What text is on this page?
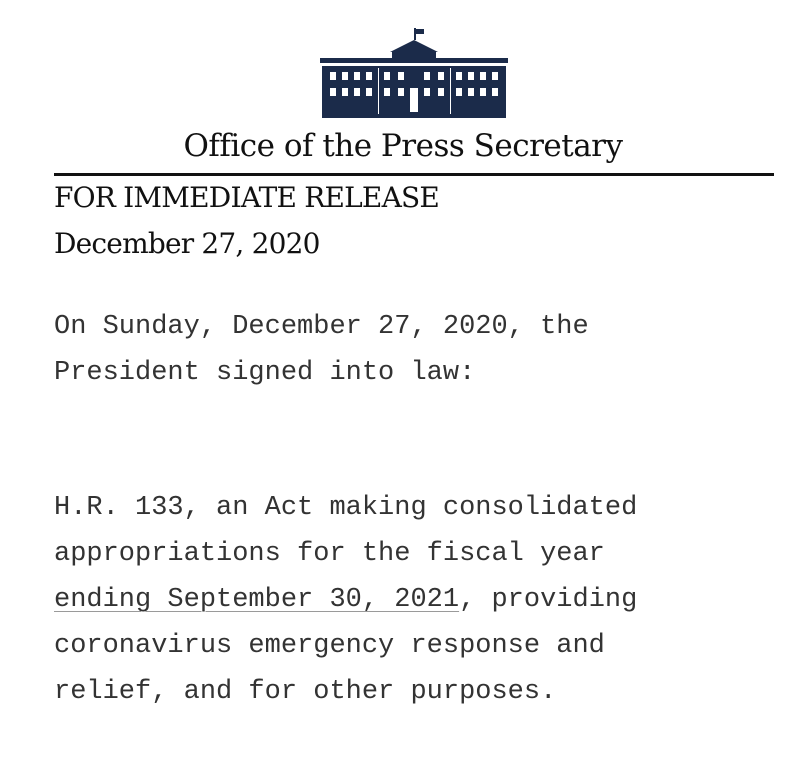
Office of the Press Secretary
FOR IMMEDIATE RELEASE
December 27, 2020
On Sunday, December 27, 2020, the
President signed into law:
H.R. 133, an Act making consolidated
appropriations for the fiscal year
ending September 30, 2021, providing
coronavirus emergency response and
relief, and for other purposes.
